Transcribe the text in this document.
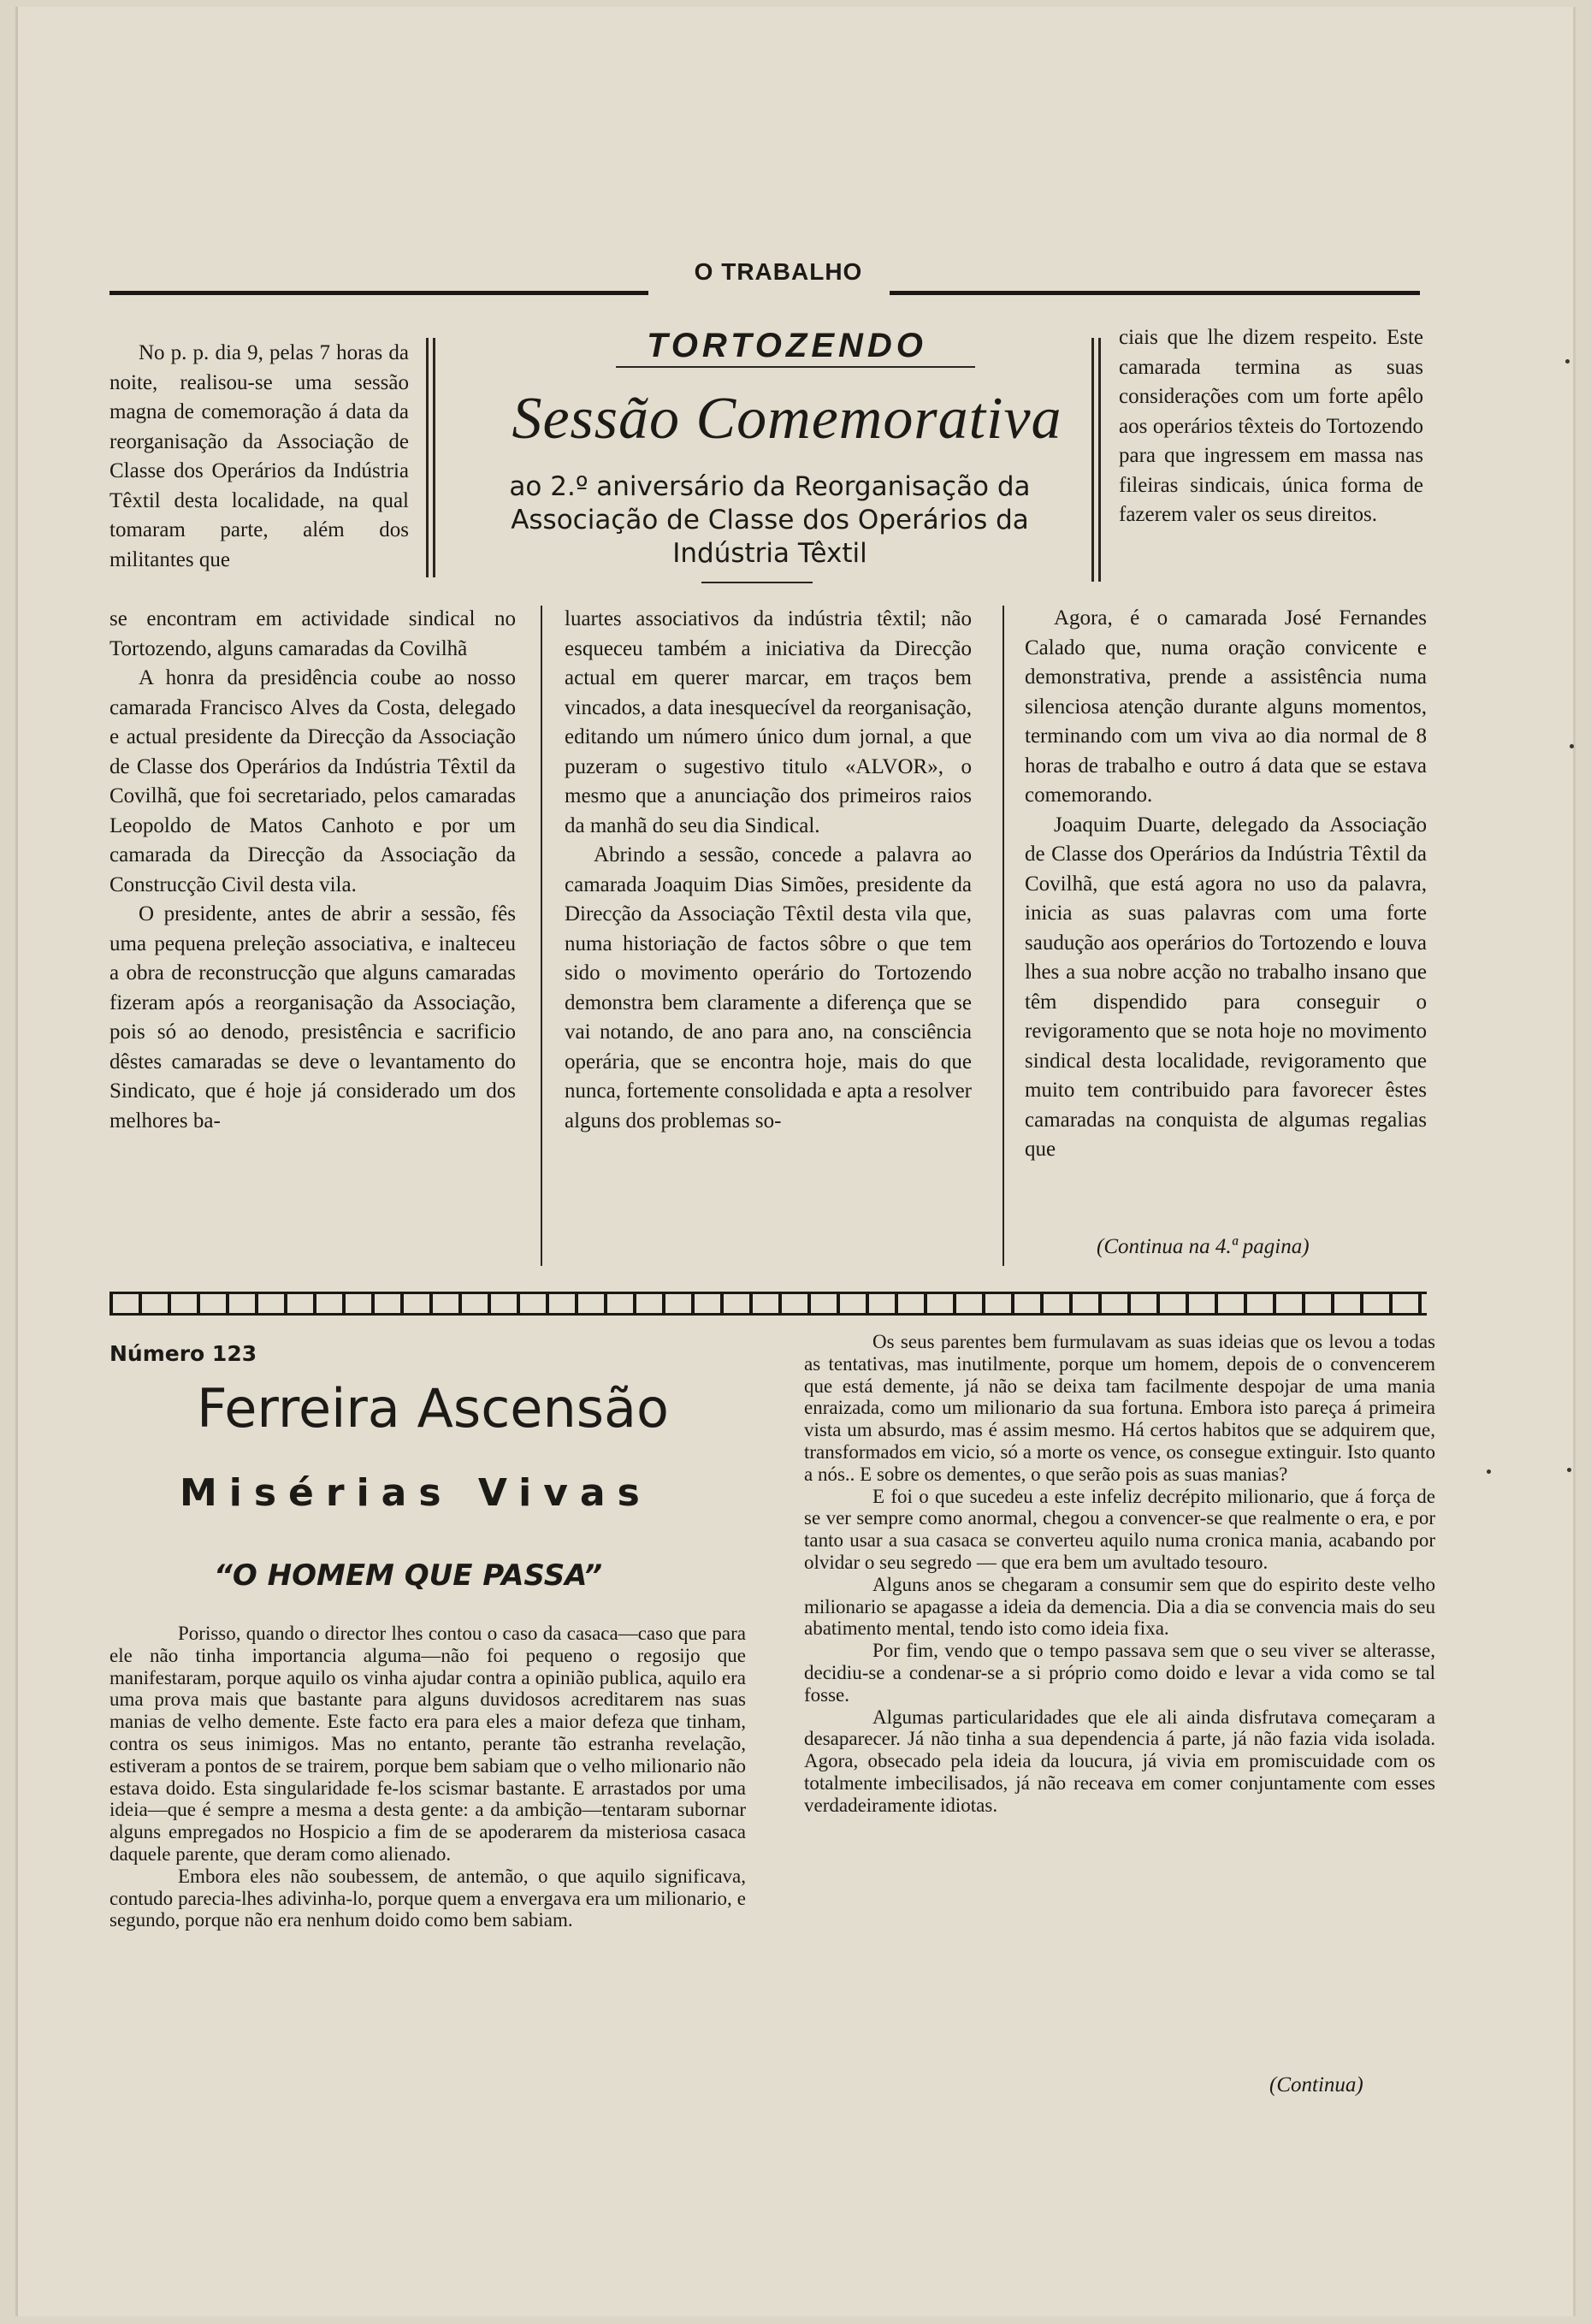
O TRABALHO

No p. p. dia 9, pelas 7 horas da noite, realisou-se uma sessão magna de comemoração á data da reorganisação da Associação de Classe dos Operários da Indústria Têxtil desta localidade, na qual tomaram parte, além dos militantes que

se encontram em actividade sindical no Tortozendo, alguns camaradas da Covilhã

A honra da presidência coube ao nosso camarada Francisco Alves da Costa, delegado e actual presidente da Direcção da Associação de Classe dos Operários da Indústria Têxtil da Covilhã, que foi secretariado, pelos camaradas Leopoldo de Matos Canhoto e por um camarada da Direcção da Associação da Construcção Civil desta vila.

O presidente, antes de abrir a sessão, fês uma pequena preleção associativa, e inalteceu a obra de reconstrucção que alguns camaradas fizeram após a reorganisação da Associação, pois só ao denodo, presistência e sacrificio dêstes camaradas se deve o levantamento do Sindicato, que é hoje já considerado um dos melhores ba-

TORTOZENDO
Sessão Comemorativa
ao 2.º aniversário da Reorganisação da
Associação de Classe dos Operários da
Indústria Têxtil

luartes associativos da indústria têxtil; não esqueceu também a iniciativa da Direcção actual em querer marcar, em traços bem vincados, a data inesquecível da reorganisação, editando um número único dum jornal, a que puzeram o sugestivo titulo «ALVOR», o mesmo que a anunciação dos primeiros raios da manhã do seu dia Sindical.

Abrindo a sessão, concede a palavra ao camarada Joaquim Dias Simões, presidente da Direcção da Associação Têxtil desta vila que, numa historiação de factos sôbre o que tem sido o movimento operário do Tortozendo demonstra bem claramente a diferença que se vai notando, de ano para ano, na consciência operária, que se encontra hoje, mais do que nunca, fortemente consolidada e apta a resolver alguns dos problemas so-

ciais que lhe dizem respeito. Este camarada termina as suas considerações com um forte apêlo aos operários têxteis do Tortozendo para que ingressem em massa nas fileiras sindicais, única forma de fazerem valer os seus direitos.

Agora, é o camarada José Fernandes Calado que, numa oração convicente e demonstrativa, prende a assistência numa silenciosa atenção durante alguns momentos, terminando com um viva ao dia normal de 8 horas de trabalho e outro á data que se estava comemorando.

Joaquim Duarte, delegado da Associação de Classe dos Operários da Indústria Têxtil da Covilhã, que está agora no uso da palavra, inicia as suas palavras com uma forte saudução aos operários do Tortozendo e louva lhes a sua nobre acção no trabalho insano que têm dispendido para conseguir o revigoramento que se nota hoje no movimento sindical desta localidade, revigoramento que muito tem contribuido para favorecer êstes camaradas na conquista de algumas regalias que

(Continua na 4.ª pagina)
Número 123
Ferreira Ascensão
Misérias Vivas
“O HOMEM QUE PASSA”

Porisso, quando o director lhes contou o caso da casaca—caso que para ele não tinha importancia alguma—não foi pequeno o regosijo que manifestaram, porque aquilo os vinha ajudar contra a opinião publica, aquilo era uma prova mais que bastante para alguns duvidosos acreditarem nas suas manias de velho demente. Este facto era para eles a maior defeza que tinham, contra os seus inimigos. Mas no entanto, perante tão estranha revelação, estiveram a pontos de se trairem, porque bem sabiam que o velho milionario não estava doido. Esta singularidade fe-los scismar bastante. E arrastados por uma ideia—que é sempre a mesma a desta gente: a da ambição—tentaram subornar alguns empregados no Hospicio a fim de se apoderarem da misteriosa casaca daquele parente, que deram como alienado.

Embora eles não soubessem, de antemão, o que aquilo significava, contudo parecia-lhes adivinha-lo, porque quem a envergava era um milionario, e segundo, porque não era nenhum doido como bem sabiam.

Os seus parentes bem furmulavam as suas ideias que os levou a todas as tentativas, mas inutilmente, porque um homem, depois de o convencerem que está demente, já não se deixa tam facilmente despojar de uma mania enraizada, como um milionario da sua fortuna. Embora isto pareça á primeira vista um absurdo, mas é assim mesmo. Há certos habitos que se adquirem que, transformados em vicio, só a morte os vence, os consegue extinguir. Isto quanto a nós.. E sobre os dementes, o que serão pois as suas manias?

E foi o que sucedeu a este infeliz decrépito milionario, que á força de se ver sempre como anormal, chegou a convencer-se que realmente o era, e por tanto usar a sua casaca se converteu aquilo numa cronica mania, acabando por olvidar o seu segredo — que era bem um avultado tesouro.

Alguns anos se chegaram a consumir sem que do espirito deste velho milionario se apagasse a ideia da demencia. Dia a dia se convencia mais do seu abatimento mental, tendo isto como ideia fixa.

Por fim, vendo que o tempo passava sem que o seu viver se alterasse, decidiu-se a condenar-se a si próprio como doido e levar a vida como se tal fosse.

Algumas particularidades que ele ali ainda disfrutava começaram a desaparecer. Já não tinha a sua dependencia á parte, já não fazia vida isolada. Agora, obsecado pela ideia da loucura, já vivia em promiscuidade com os totalmente imbecilisados, já não receava em comer conjuntamente com esses verdadeiramente idiotas.

(Continua)
